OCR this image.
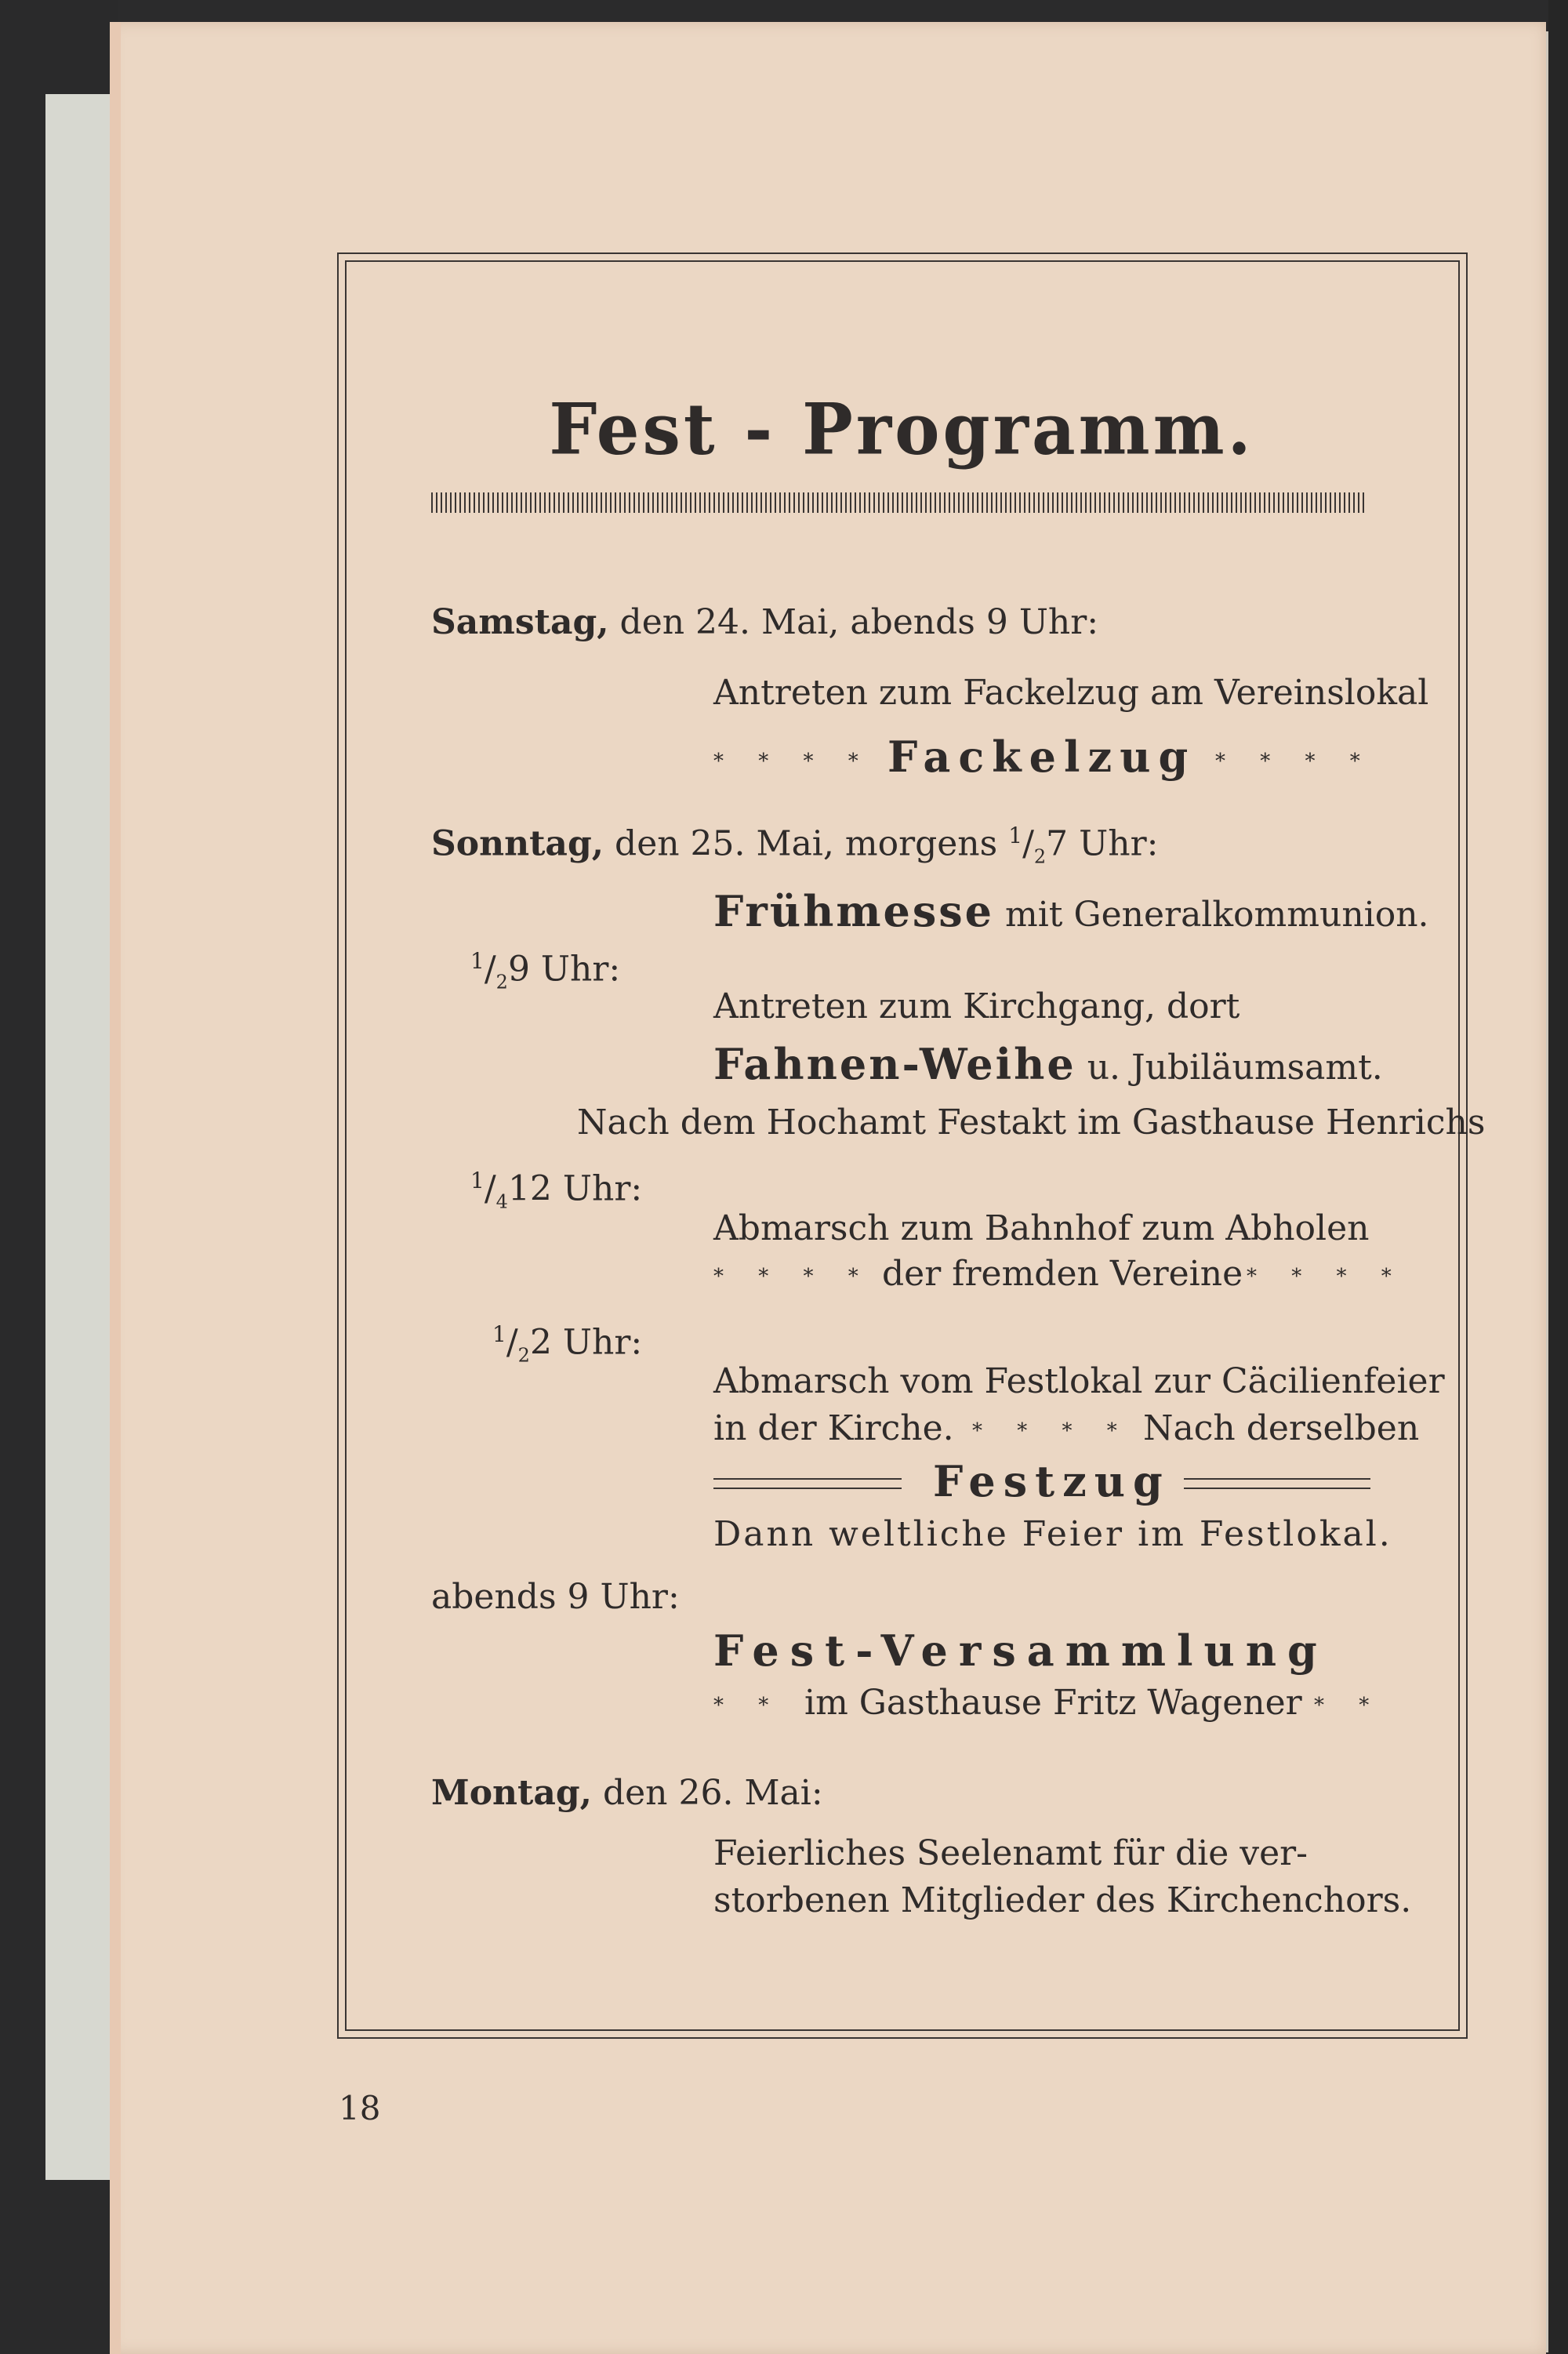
Fest - Programm.
Samstag, den 24. Mai, abends 9 Uhr:
Antreten zum Fackelzug am Vereinslokal
* * * * Fackelzug * * * *
Sonntag, den 25. Mai, morgens $^1/_27$ Uhr:
Frühmesse mit Generalkommunion.
$^1/_29$ Uhr:
Antreten zum Kirchgang, dort
Fahnen-Weihe u. Jubiläumsamt.
Nach dem Hochamt Festakt im Gasthause Henrichs
$^1/_412$ Uhr:
Abmarsch zum Bahnhof zum Abholen
* * * * der fremden Vereine * * * *
$^1/_22$ Uhr:
Abmarsch vom Festlokal zur Cäcilienfeier
in der Kirche. * * * * Nach derselben
Festzug
Dann weltliche Feier im Festlokal.
abends 9 Uhr:
Fest-Versammlung
* * im Gasthause Fritz Wagener * *
Montag, den 26. Mai:
Feierliches Seelenamt für die ver-
storbenen Mitglieder des Kirchenchors.
18
